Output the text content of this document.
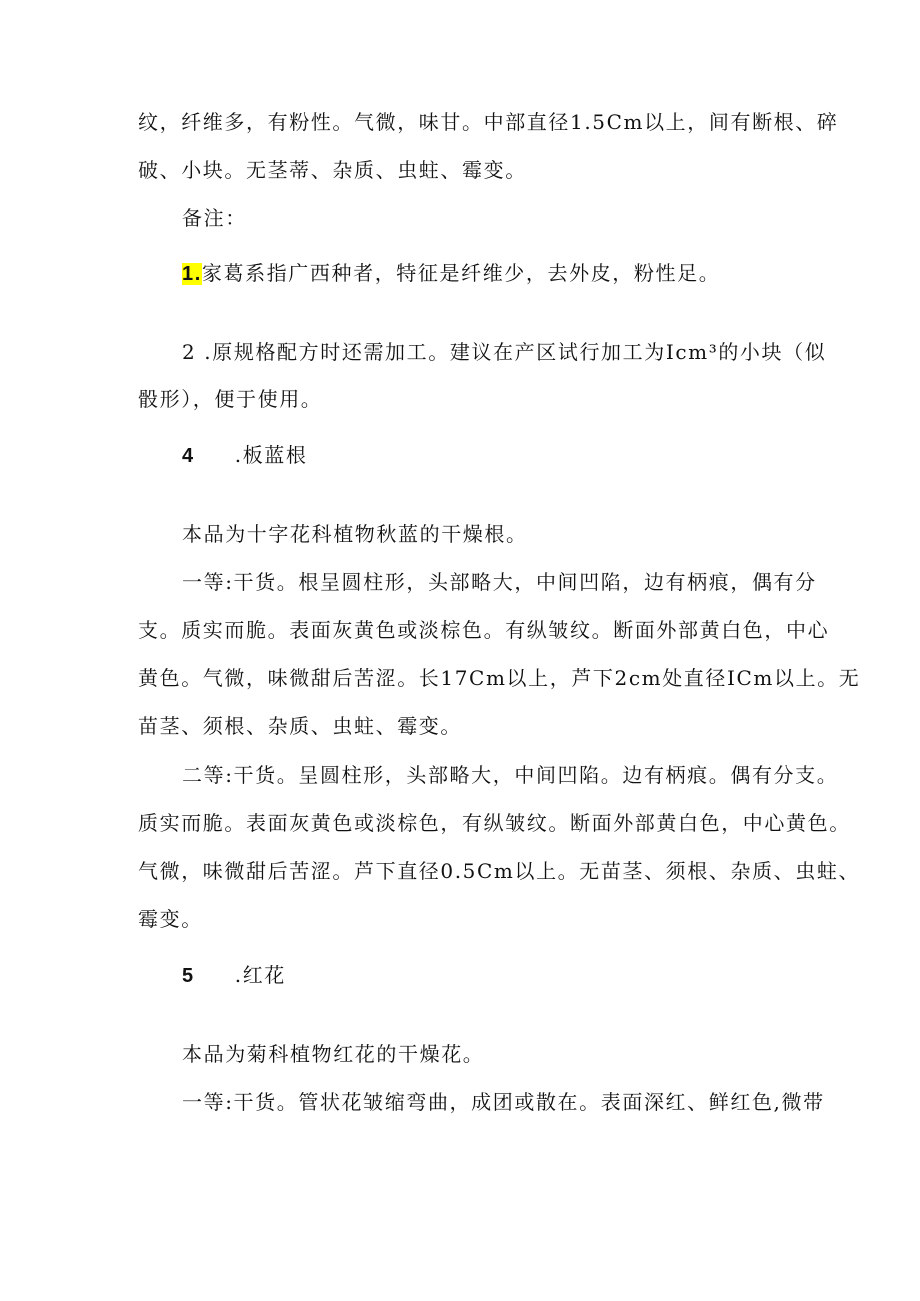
纹，纤维多，有粉性。气微，味甘。中部直径1.5Cm以上，间有断根、碎
破、小块。无茎蒂、杂质、虫蛀、霉变。
备注：
1.家葛系指广西种者，特征是纤维少，去外皮，粉性足。
2 .原规格配方时还需加工。建议在产区试行加工为Icm³的小块（似
骰形），便于使用。
4 .板蓝根
本品为十字花科植物秋蓝的干燥根。
一等:干货。根呈圆柱形，头部略大，中间凹陷，边有柄痕，偶有分
支。质实而脆。表面灰黄色或淡棕色。有纵皱纹。断面外部黄白色，中心
黄色。气微，味微甜后苦涩。长17Cm以上，芦下2cm处直径ICm以上。无
苗茎、须根、杂质、虫蛀、霉变。
二等:干货。呈圆柱形，头部略大，中间凹陷。边有柄痕。偶有分支。
质实而脆。表面灰黄色或淡棕色，有纵皱纹。断面外部黄白色，中心黄色。
气微，味微甜后苦涩。芦下直径0.5Cm以上。无苗茎、须根、杂质、虫蛀、
霉变。
5 .红花
本品为菊科植物红花的干燥花。
一等:干货。管状花皱缩弯曲，成团或散在。表面深红、鲜红色,微带
